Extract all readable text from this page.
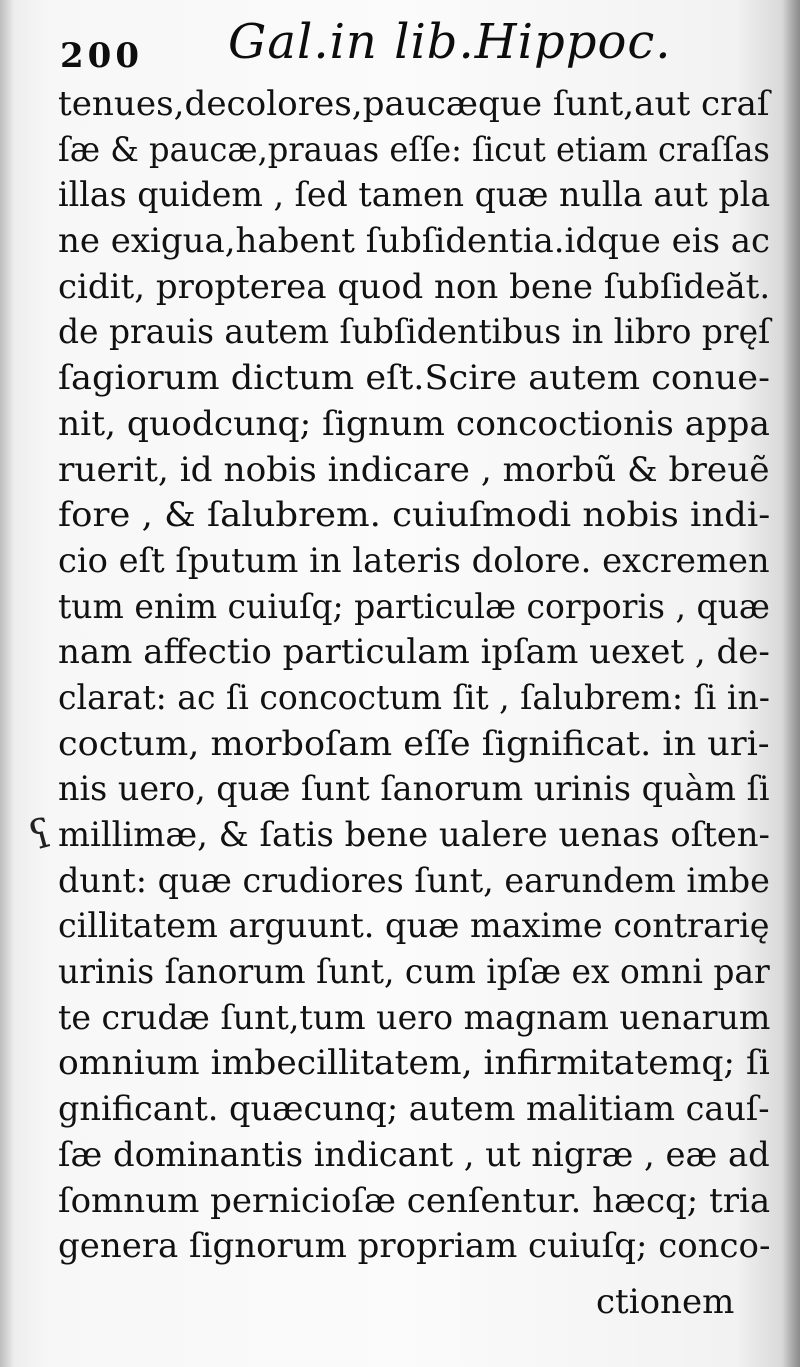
200 Gal.in lib.Hippoc.
ʕ
tenues,decolores,paucæque ſunt,aut craſ
ſæ & paucæ,prauas eſſe: ſicut etiam craſſas
illas quidem , ſed tamen quæ nulla aut pla
ne exigua,habent ſubſidentia.idque eis ac
cidit, propterea quod non bene ſubſideăt.
de prauis autem ſubſidentibus in libro pręſ
ſagiorum dictum eſt.Scire autem conue-
nit, quodcunq; ſignum concoctionis appa
ruerit, id nobis indicare , morbũ & breuẽ
fore , & ſalubrem. cuiuſmodi nobis indi-
cio eſt ſputum in lateris dolore. excremen
tum enim cuiuſq; particulæ corporis , quæ
nam affectio particulam ipſam uexet , de-
clarat: ac ſi concoctum ſit , ſalubrem: ſi in-
coctum, morboſam eſſe ſignificat. in uri-
nis uero, quæ ſunt ſanorum urinis quàm ſi
millimæ, & ſatis bene ualere uenas oſten-
dunt: quæ crudiores ſunt, earundem imbe
cillitatem arguunt. quæ maxime contrarię
urinis ſanorum ſunt, cum ipſæ ex omni par
te crudæ ſunt,tum uero magnam uenarum
omnium imbecillitatem, infirmitatemq; ſi
gnificant. quæcunq; autem malitiam cauſ-
ſæ dominantis indicant , ut nigræ , eæ ad
ſomnum pernicioſæ cenſentur. hæcq; tria
genera ſignorum propriam cuiuſq; conco-
ctionem
